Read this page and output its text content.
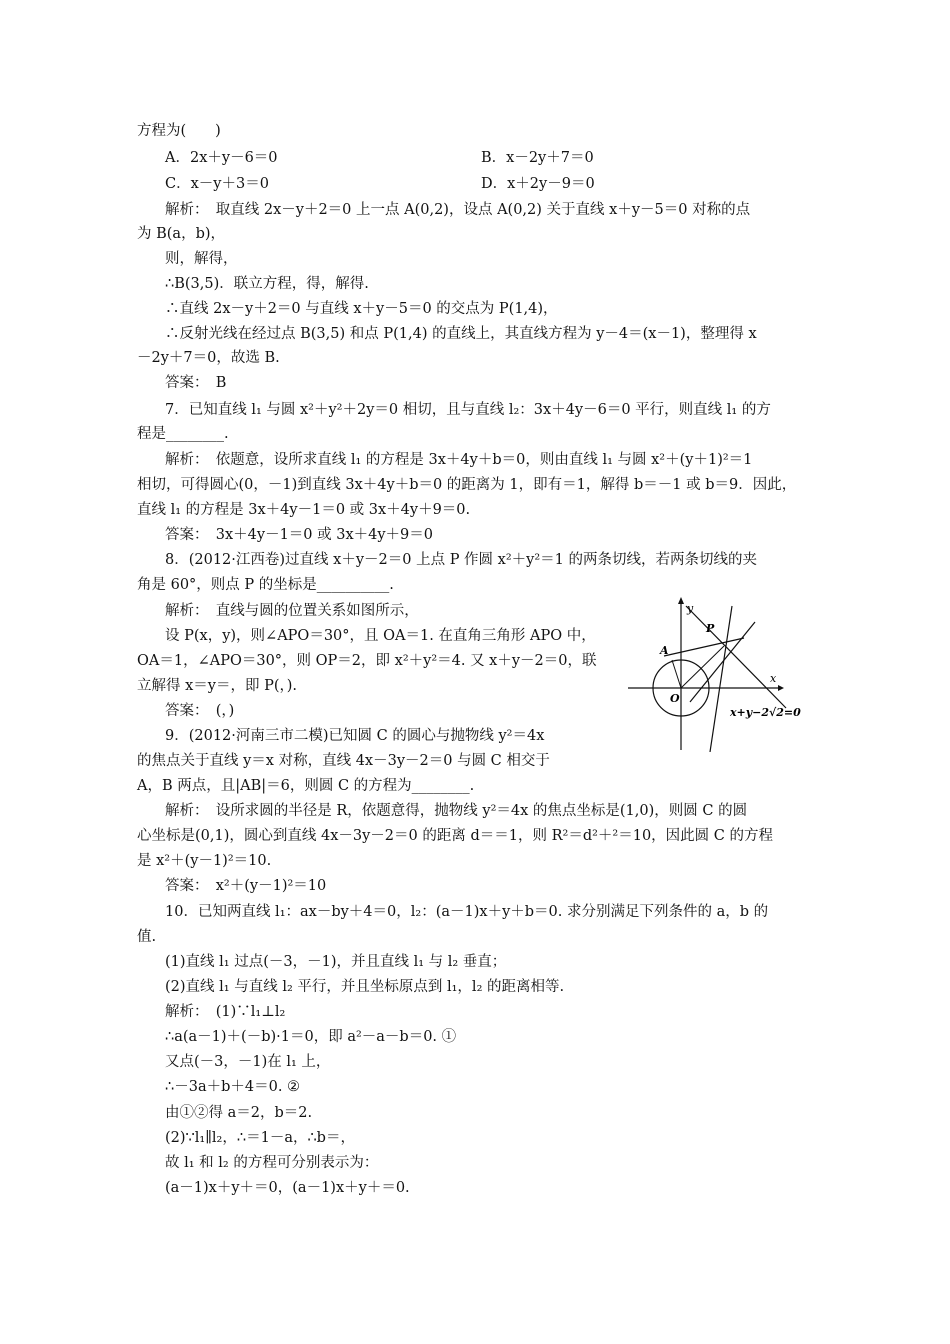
方程为(　　)
A．2x＋y－6＝0	B．x－2y＋7＝0
C．x－y＋3＝0	D．x＋2y－9＝0
解析：　取直线 2x－y＋2＝0 上一点 A(0,2)，设点 A(0,2) 关于直线 x＋y－5＝0 对称的点
为 B(a，b)，
则，解得，
∴B(3,5)．联立方程，得，解得.
∴直线 2x－y＋2＝0 与直线 x＋y－5＝0 的交点为 P(1,4)，
∴反射光线在经过点 B(3,5) 和点 P(1,4) 的直线上，其直线方程为 y－4＝(x－1)，整理得 x
－2y＋7＝0，故选 B.
答案：　B
7．已知直线 l₁ 与圆 x²＋y²＋2y＝0 相切，且与直线 l₂：3x＋4y－6＝0 平行，则直线 l₁ 的方
程是________.
解析：　依题意，设所求直线 l₁ 的方程是 3x＋4y＋b＝0，则由直线 l₁ 与圆 x²＋(y＋1)²＝1
相切，可得圆心(0，－1)到直线 3x＋4y＋b＝0 的距离为 1，即有＝1，解得 b＝－1 或 b＝9．因此，
直线 l₁ 的方程是 3x＋4y－1＝0 或 3x＋4y＋9＝0.
答案：　3x＋4y－1＝0 或 3x＋4y＋9＝0
8．(2012·江西卷)过直线 x＋y－2＝0 上点 P 作圆 x²＋y²＝1 的两条切线，若两条切线的夹
角是 60°，则点 P 的坐标是__________.
解析：　直线与圆的位置关系如图所示，
设 P(x，y)，则∠APO＝30°，且 OA＝1. 在直角三角形 APO 中，
OA＝1，∠APO＝30°，则 OP＝2，即 x²＋y²＝4. 又 x＋y－2＝0，联
立解得 x＝y＝，即 P(，).
答案：　(，)
9．(2012·河南三市二模)已知圆 C 的圆心与抛物线 y²＝4x
的焦点关于直线 y＝x 对称，直线 4x－3y－2＝0 与圆 C 相交于
A，B 两点，且|AB|＝6，则圆 C 的方程为________.
解析：　设所求圆的半径是 R，依题意得，抛物线 y²＝4x 的焦点坐标是(1,0)，则圆 C 的圆
心坐标是(0,1)，圆心到直线 4x－3y－2＝0 的距离 d＝＝1，则 R²＝d²＋²＝10，因此圆 C 的方程
是 x²＋(y－1)²＝10.
答案：　x²＋(y－1)²＝10
10．已知两直线 l₁：ax－by＋4＝0，l₂：(a－1)x＋y＋b＝0. 求分别满足下列条件的 a，b 的
值.
(1)直线 l₁ 过点(－3，－1)，并且直线 l₁ 与 l₂ 垂直；
(2)直线 l₁ 与直线 l₂ 平行，并且坐标原点到 l₁，l₂ 的距离相等.
解析：　(1)∵l₁⊥l₂
∴a(a－1)＋(－b)·1＝0，即 a²－a－b＝0. ①
又点(－3，－1)在 l₁ 上，
∴－3a＋b＋4＝0. ②
由①②得 a＝2，b＝2.
(2)∵l₁∥l₂，∴＝1－a，∴b＝，
故 l₁ 和 l₂ 的方程可分别表示为：
(a－1)x＋y＋＝0，(a－1)x＋y＋＝0.
y
x
P
A
O
x+y−2√2=0
